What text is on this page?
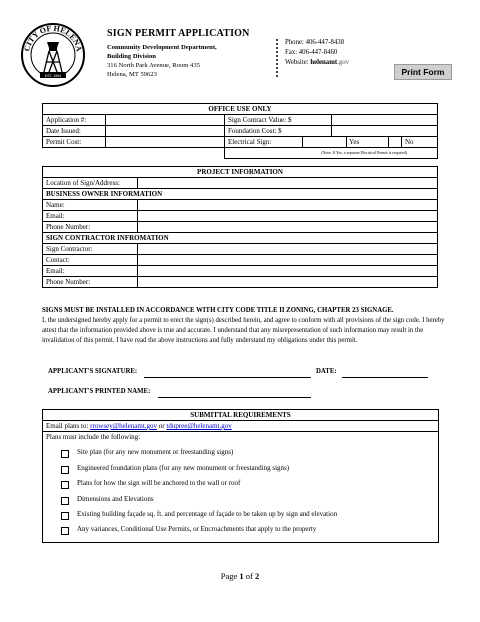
CITY OF HELENA
EST. 1864
SIGN PERMIT APPLICATION
Community Development Department,
Building Division
316 North Park Avenue, Room 435
Helena, MT 59623
Phone: 406-447-8438
Fax: 406-447-8460
Website: helenamt.gov
Print Form
OFFICE USE ONLY			
Application #:		Sign Contract Value: $	
Date Issued:		Foundation Cost: $	
Permit Cost:		Electrical Sign: Yes No	

		(Note: If Yes, a separate Electrical Permit is required)	
PROJECT INFORMATION	
Location of Sign/Address:	
BUSINESS OWNER INFORMATION	
Name:	
Email:	
Phone Number:	
SIGN CONTRACTOR INFROMATION	
Sign Contractor:	
Contact:	
Email:	
Phone Number:	
SIGNS MUST BE INSTALLED IN ACCORDANCE WITH CITY CODE TITLE II ZONING, CHAPTER 23 SIGNAGE.
I, the undersigned hereby apply for a permit to erect the sign(s) described herein, and agree to conform with all provisions of the sign code. I hereby attest that the information provided above is true and accurate. I understand that any misrepresentation of such information may result in the invalidation of this permit. I have read the above instructions and fully understand my obligations under this permit.
APPLICANT'S SIGNATURE:	DATE:
APPLICANT'S PRINTED NAME:
SUBMITTAL REQUIREMENTS
Email plans to: rrowsey@helenamt.gov or tdupree@helenamt.gov
Plans must include the following:
Site plan (for any new monument or freestanding signs)
Engineered foundation plans (for any new monument or freestanding signs)
Plans for how the sign will be anchored to the wall or roof
Dimensions and Elevations
Existing building façade sq. ft. and percentage of façade to be taken up by sign and elevation
Any variances, Conditional Use Permits, or Encroachments that apply to the property
Page 1 of 2
